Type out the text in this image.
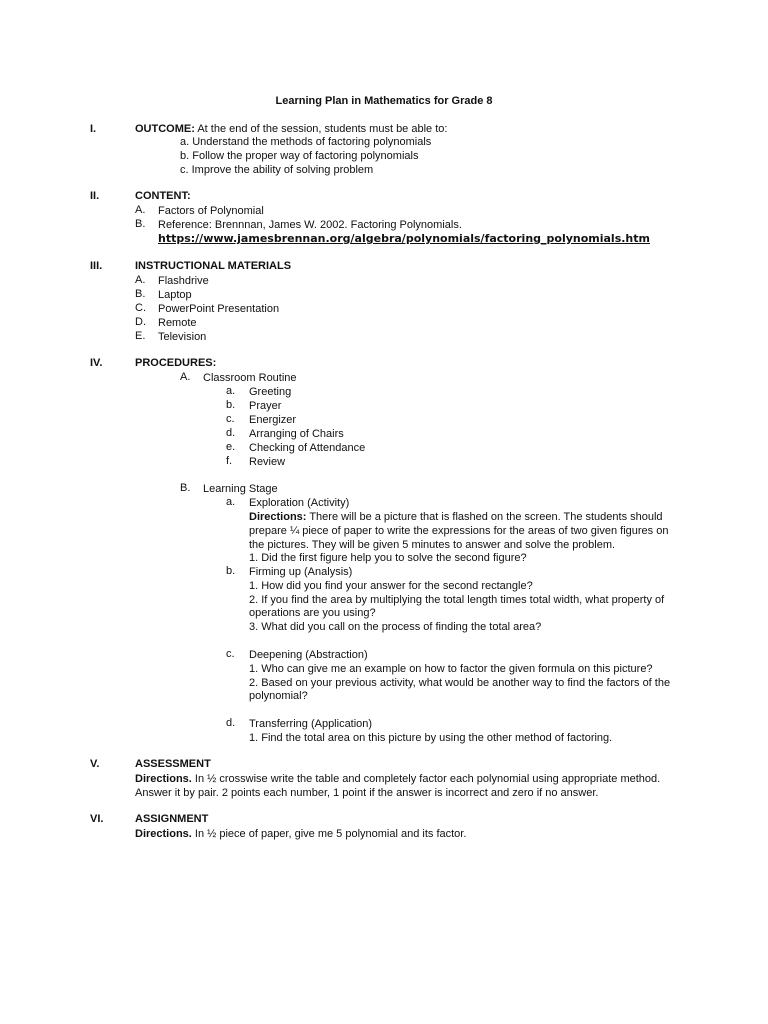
Learning Plan in Mathematics for Grade 8
I.	OUTCOME: At the end of the session, students must be able to:
a. Understand the methods of factoring polynomials
b. Follow the proper way of factoring polynomials
c. Improve the ability of solving problem
II.	CONTENT:
A. Factors of Polynomial
B. Reference: Brennnan, James W. 2002. Factoring Polynomials.
https://www.jamesbrennan.org/algebra/polynomials/factoring_polynomials.htm
III.	INSTRUCTIONAL MATERIALS
A. Flashdrive
B. Laptop
C. PowerPoint Presentation
D. Remote
E. Television
IV.	PROCEDURES:
A. Classroom Routine
a. Greeting
b. Prayer
c. Energizer
d. Arranging of Chairs
e. Checking of Attendance
f. Review
B. Learning Stage
a. Exploration (Activity)
Directions: There will be a picture that is flashed on the screen. The students should
prepare ¼ piece of paper to write the expressions for the areas of two given figures on
the pictures. They will be given 5 minutes to answer and solve the problem.
1. Did the first figure help you to solve the second figure?
b. Firming up (Analysis)
1. How did you find your answer for the second rectangle?
2. If you find the area by multiplying the total length times total width, what property of
operations are you using?
3. What did you call on the process of finding the total area?
c. Deepening (Abstraction)
1. Who can give me an example on how to factor the given formula on this picture?
2. Based on your previous activity, what would be another way to find the factors of the
polynomial?
d. Transferring (Application)
1. Find the total area on this picture by using the other method of factoring.
V.	ASSESSMENT
Directions. In ½ crosswise write the table and completely factor each polynomial using appropriate method.
Answer it by pair. 2 points each number, 1 point if the answer is incorrect and zero if no answer.
VI.	ASSIGNMENT
Directions. In ½ piece of paper, give me 5 polynomial and its factor.
